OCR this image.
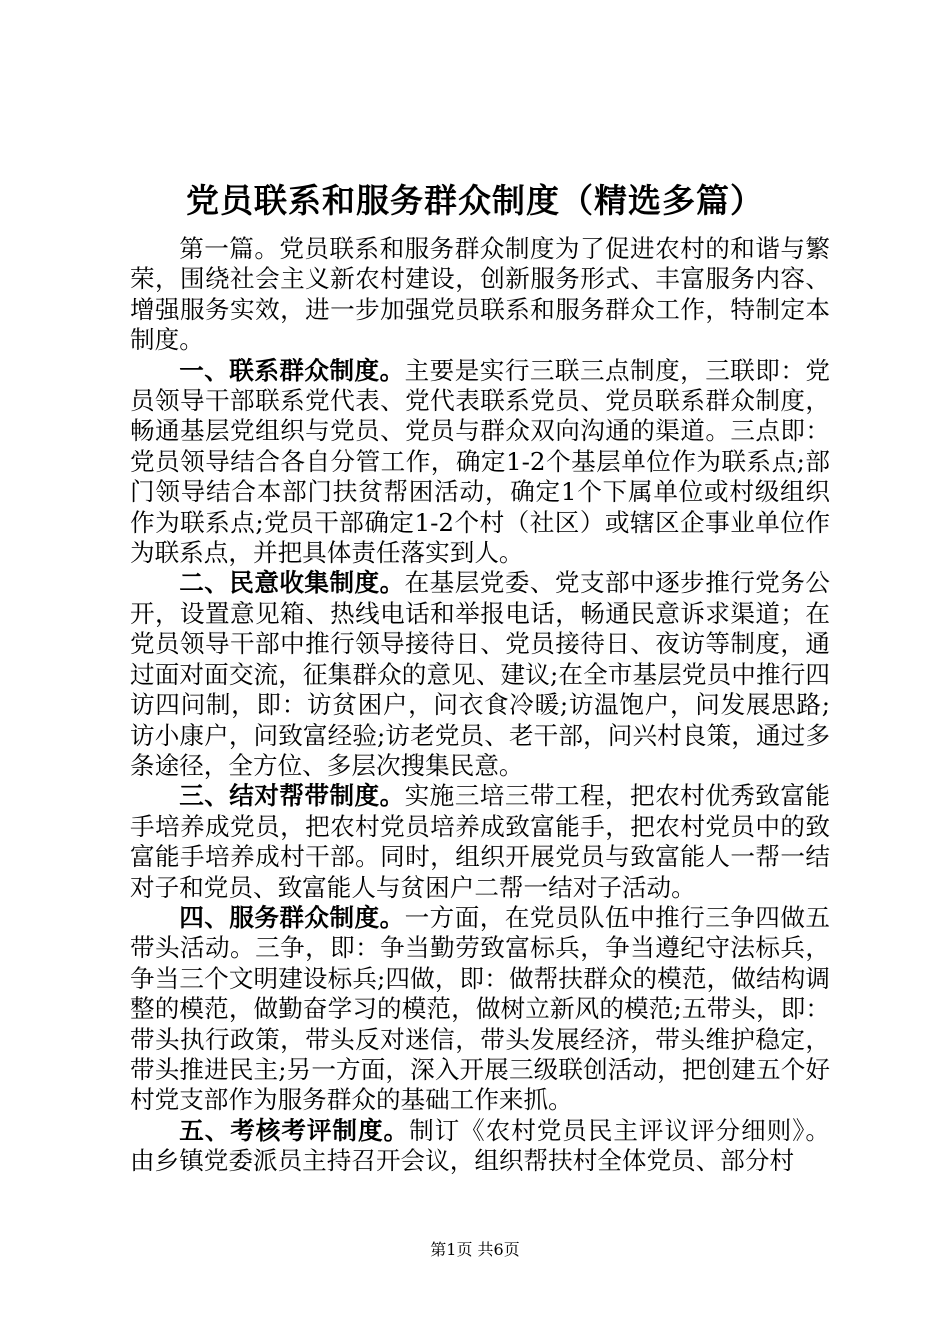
党员联系和服务群众制度（精选多篇）

第一篇。党员联系和服务群众制度为了促进农村的和谐与繁荣，围绕社会主义新农村建设，创新服务形式、丰富服务内容、增强服务实效，进一步加强党员联系和服务群众工作，特制定本制度。

一、联系群众制度。主要是实行三联三点制度，三联即：党员领导干部联系党代表、党代表联系党员、党员联系群众制度，畅通基层党组织与党员、党员与群众双向沟通的渠道。三点即：党员领导结合各自分管工作，确定1-2个基层单位作为联系点;部门领导结合本部门扶贫帮困活动，确定1个下属单位或村级组织作为联系点;党员干部确定1-2个村（社区）或辖区企事业单位作为联系点，并把具体责任落实到人。

二、民意收集制度。在基层党委、党支部中逐步推行党务公开，设置意见箱、热线电话和举报电话，畅通民意诉求渠道；在党员领导干部中推行领导接待日、党员接待日、夜访等制度，通过面对面交流，征集群众的意见、建议;在全市基层党员中推行四访四问制，即：访贫困户，问衣食冷暖;访温饱户，问发展思路;访小康户，问致富经验;访老党员、老干部，问兴村良策，通过多条途径，全方位、多层次搜集民意。

三、结对帮带制度。实施三培三带工程，把农村优秀致富能手培养成党员，把农村党员培养成致富能手，把农村党员中的致富能手培养成村干部。同时，组织开展党员与致富能人一帮一结对子和党员、致富能人与贫困户二帮一结对子活动。

四、服务群众制度。一方面，在党员队伍中推行三争四做五带头活动。三争，即：争当勤劳致富标兵，争当遵纪守法标兵，争当三个文明建设标兵;四做，即：做帮扶群众的模范，做结构调整的模范，做勤奋学习的模范，做树立新风的模范;五带头，即：带头执行政策，带头反对迷信，带头发展经济，带头维护稳定，带头推进民主;另一方面，深入开展三级联创活动，把创建五个好村党支部作为服务群众的基础工作来抓。

五、考核考评制度。制订《农村党员民主评议评分细则》。由乡镇党委派员主持召开会议，组织帮扶村全体党员、部分村

第1页 共6页
